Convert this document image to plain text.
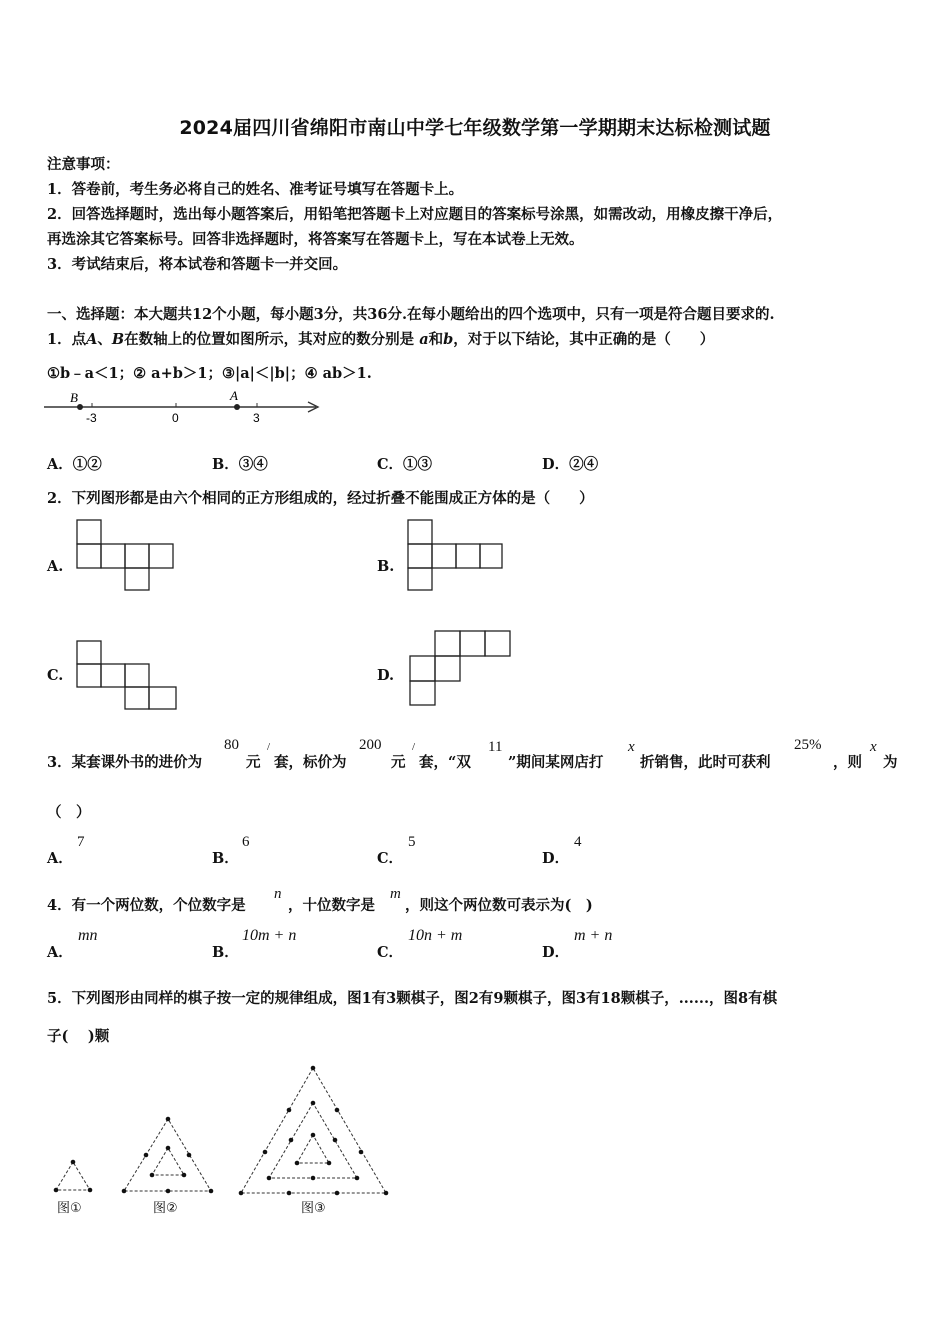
2024届四川省绵阳市南山中学七年级数学第一学期期末达标检测试题
注意事项：
1．答卷前，考生务必将自己的姓名、准考证号填写在答题卡上。
2．回答选择题时，选出每小题答案后，用铅笔把答题卡上对应题目的答案标号涂黑，如需改动，用橡皮擦干净后，
再选涂其它答案标号。回答非选择题时，将答案写在答题卡上，写在本试卷上无效。
3．考试结束后，将本试卷和答题卡一并交回。
一、选择题：本大题共12个小题，每小题3分，共36分.在每小题给出的四个选项中，只有一项是符合题目要求的.
1．点A、B在数轴上的位置如图所示，其对应的数分别是 a和b，对于以下结论，其中正确的是（　　）
①b﹣a＜1；② a+b＞1；③|a|＜|b|；④ ab＞1.
B	A
-3	0	3
A．①②	B．③④	C．①③	D．②④
2．下列图形都是由六个相同的正方形组成的，经过折叠不能围成正方体的是（　　）
A.	B.
C.	D.
3．某套课外书的进价为
80
元
/
套，标价为
200
元
/
套，“双
11
”期间某网店打
x
折销售，此时可获利
25%
，则
x
为
（　）
A．
7
B．
6
C．
5
D．
4
4．有一个两位数，个位数字是
n
，十位数字是
m
，则这个两位数可表示为(　)
A．
mn
B．
10m + n
C．
10n + m
D．
m + n
5．下列图形由同样的棋子按一定的规律组成，图1有3颗棋子，图2有9颗棋子，图3有18颗棋子，......，图8有棋
子(　 )颗
图①	图②	图③
